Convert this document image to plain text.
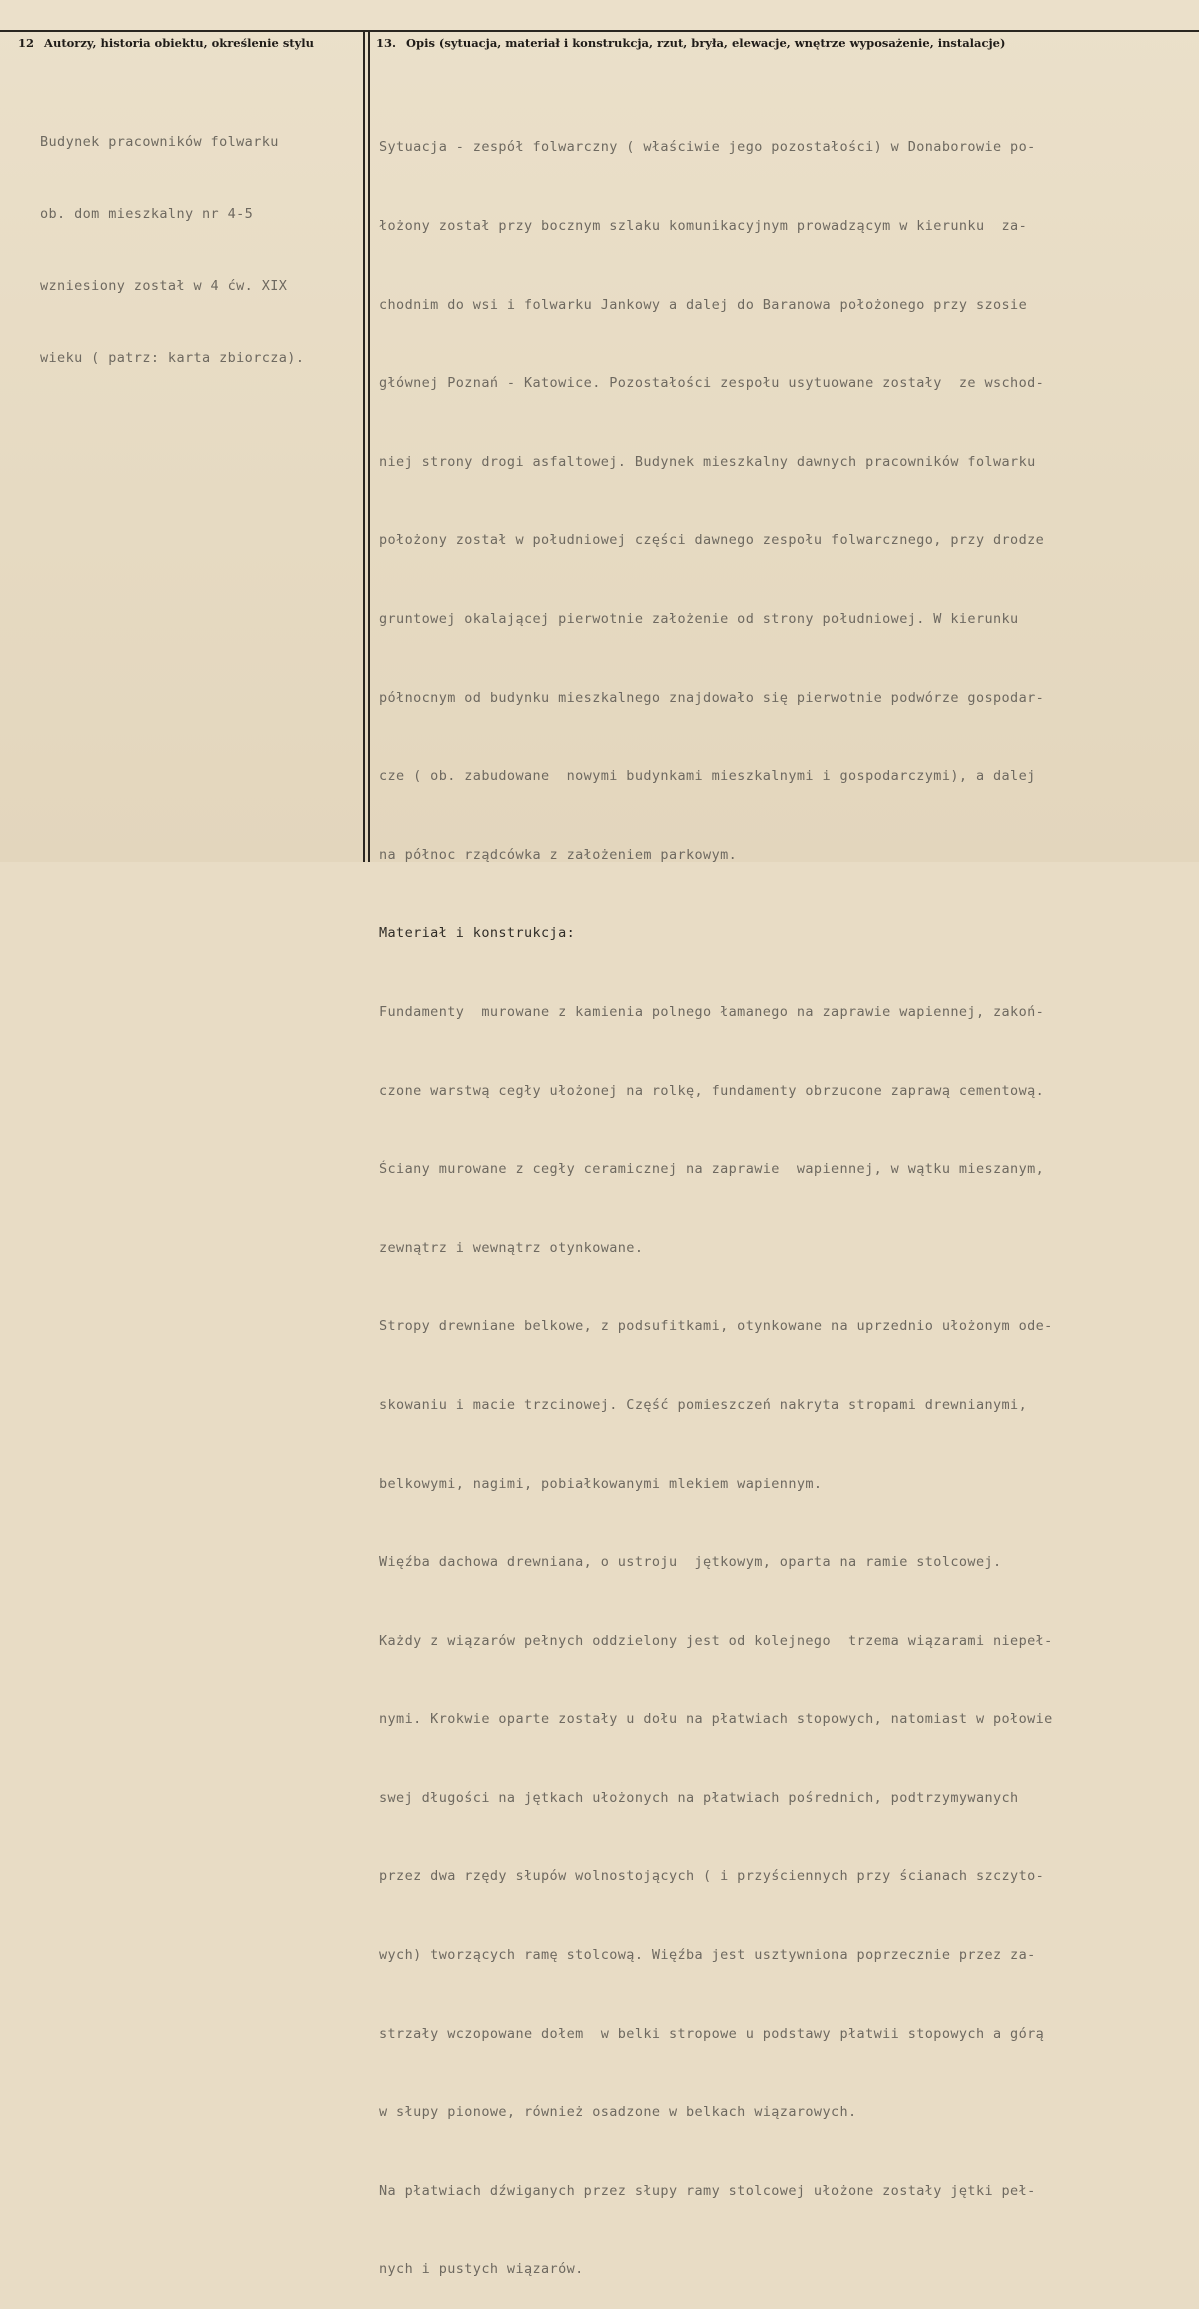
12 Autorzy, historia obiektu, określenie stylu	13. Opis (sytuacja, materiał i konstrukcja, rzut, bryła, elewacje, wnętrze wyposażenie, instalacje)

Budynek pracowników folwarku

ob. dom mieszkalny nr 4-5

wzniesiony został w 4 ćw. XIX

wieku ( patrz: karta zbiorcza).

Sytuacja - zespół folwarczny ( właściwie jego pozostałości) w Donaborowie po-

łożony został przy bocznym szlaku komunikacyjnym prowadzącym w kierunku  za-

chodnim do wsi i folwarku Jankowy a dalej do Baranowa położonego przy szosie

głównej Poznań - Katowice. Pozostałości zespołu usytuowane zostały  ze wschod-

niej strony drogi asfaltowej. Budynek mieszkalny dawnych pracowników folwarku

położony został w południowej części dawnego zespołu folwarcznego, przy drodze

gruntowej okalającej pierwotnie założenie od strony południowej. W kierunku

północnym od budynku mieszkalnego znajdowało się pierwotnie podwórze gospodar-

cze ( ob. zabudowane  nowymi budynkami mieszkalnymi i gospodarczymi), a dalej

na północ rządcówka z założeniem parkowym.

Materiał i konstrukcja:

Fundamenty  murowane z kamienia polnego łamanego na zaprawie wapiennej, zakoń-

czone warstwą cegły ułożonej na rolkę, fundamenty obrzucone zaprawą cementową.

Ściany murowane z cegły ceramicznej na zaprawie  wapiennej, w wątku mieszanym,

zewnątrz i wewnątrz otynkowane.

Stropy drewniane belkowe, z podsufitkami, otynkowane na uprzednio ułożonym ode-

skowaniu i macie trzcinowej. Część pomieszczeń nakryta stropami drewnianymi,

belkowymi, nagimi, pobiałkowanymi mlekiem wapiennym.

Więźba dachowa drewniana, o ustroju  jętkowym, oparta na ramie stolcowej.

Każdy z wiązarów pełnych oddzielony jest od kolejnego  trzema wiązarami niepeł-

nymi. Krokwie oparte zostały u dołu na płatwiach stopowych, natomiast w połowie

swej długości na jętkach ułożonych na płatwiach pośrednich, podtrzymywanych

przez dwa rzędy słupów wolnostojących ( i przyściennych przy ścianach szczyto-

wych) tworzących ramę stolcową. Więźba jest usztywniona poprzecznie przez za-

strzały wczopowane dołem  w belki stropowe u podstawy płatwii stopowych a górą

w słupy pionowe, również osadzone w belkach wiązarowych.

Na płatwiach dźwiganych przez słupy ramy stolcowej ułożone zostały jętki peł-

nych i pustych wiązarów.
